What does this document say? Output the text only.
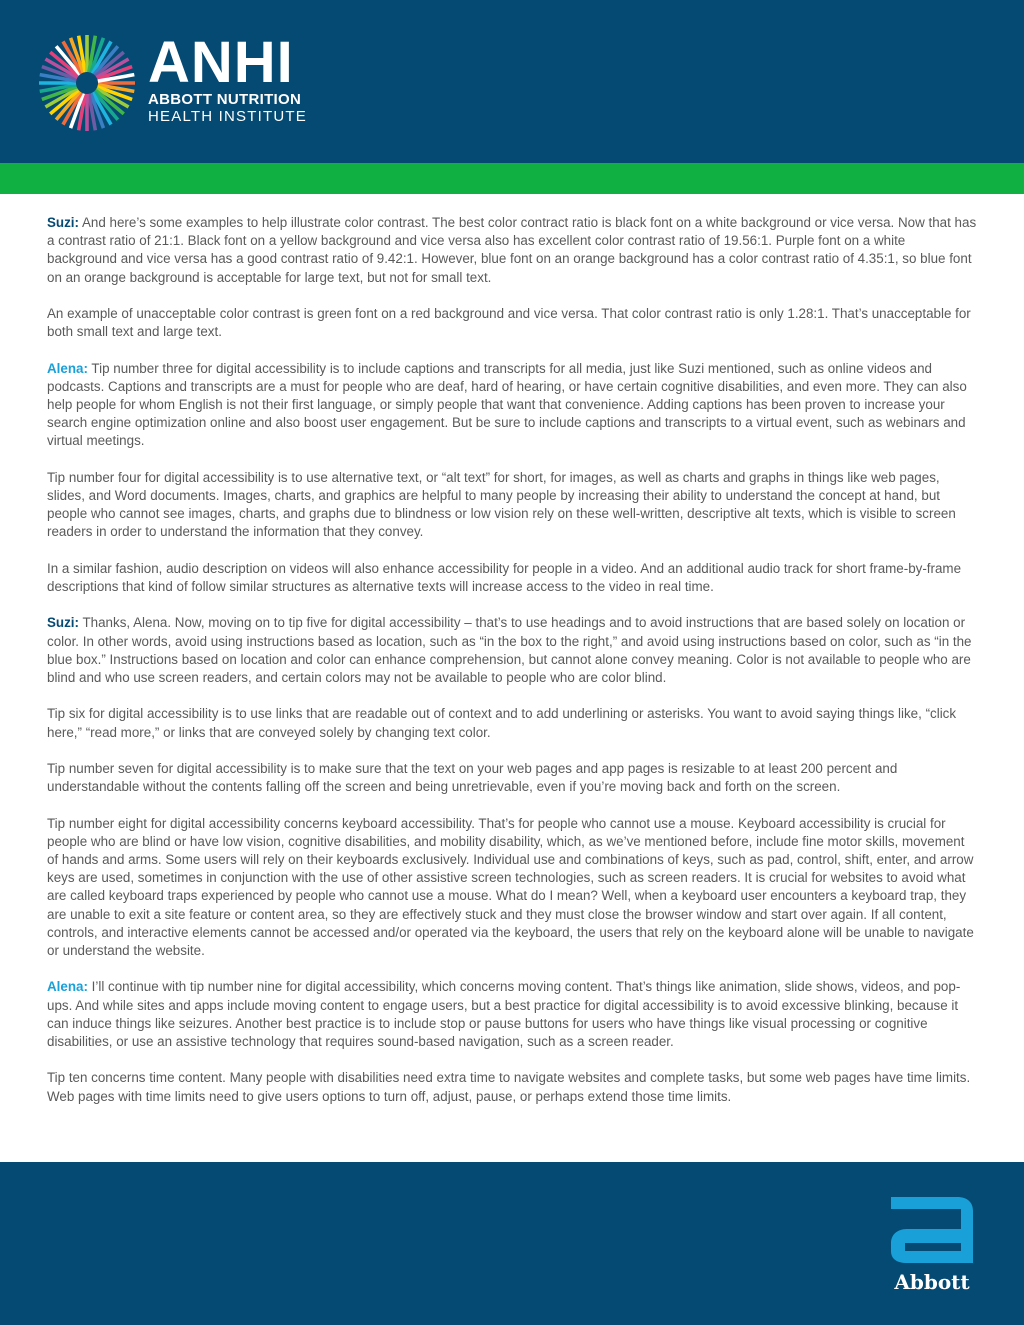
ANHI
ABBOTT NUTRITION
HEALTH INSTITUTE

Suzi: And here’s some examples to help illustrate color contrast. The best color contract ratio is black font on a white background or vice versa. Now that has a contrast ratio of 21:1. Black font on a yellow background and vice versa also has excellent color contrast ratio of 19.56:1. Purple font on a white background and vice versa has a good contrast ratio of 9.42:1. However, blue font on an orange background has a color contrast ratio of 4.35:1, so blue font on an orange background is acceptable for large text, but not for small text.

An example of unacceptable color contrast is green font on a red background and vice versa. That color contrast ratio is only 1.28:1. That’s unacceptable for both small text and large text.

Alena: Tip number three for digital accessibility is to include captions and transcripts for all media, just like Suzi mentioned, such as online videos and podcasts. Captions and transcripts are a must for people who are deaf, hard of hearing, or have certain cognitive disabilities, and even more. They can also help people for whom English is not their first language, or simply people that want that convenience. Adding captions has been proven to increase your search engine optimization online and also boost user engagement. But be sure to include captions and transcripts to a virtual event, such as webinars and virtual meetings.

Tip number four for digital accessibility is to use alternative text, or “alt text” for short, for images, as well as charts and graphs in things like web pages, slides, and Word documents. Images, charts, and graphics are helpful to many people by increasing their ability to understand the concept at hand, but people who cannot see images, charts, and graphs due to blindness or low vision rely on these well-written, descriptive alt texts, which is visible to screen readers in order to understand the information that they convey.

In a similar fashion, audio description on videos will also enhance accessibility for people in a video. And an additional audio track for short frame-by-frame descriptions that kind of follow similar structures as alternative texts will increase access to the video in real time.

Suzi: Thanks, Alena. Now, moving on to tip five for digital accessibility – that’s to use headings and to avoid instructions that are based solely on location or color. In other words, avoid using instructions based as location, such as “in the box to the right,” and avoid using instructions based on color, such as “in the blue box.” Instructions based on location and color can enhance comprehension, but cannot alone convey meaning. Color is not available to people who are blind and who use screen readers, and certain colors may not be available to people who are color blind.

Tip six for digital accessibility is to use links that are readable out of context and to add underlining or asterisks. You want to avoid saying things like, “click here,” “read more,” or links that are conveyed solely by changing text color.

Tip number seven for digital accessibility is to make sure that the text on your web pages and app pages is resizable to at least 200 percent and understandable without the contents falling off the screen and being unretrievable, even if you’re moving back and forth on the screen.

Tip number eight for digital accessibility concerns keyboard accessibility. That’s for people who cannot use a mouse. Keyboard accessibility is crucial for people who are blind or have low vision, cognitive disabilities, and mobility disability, which, as we’ve mentioned before, include fine motor skills, movement of hands and arms. Some users will rely on their keyboards exclusively. Individual use and combinations of keys, such as pad, control, shift, enter, and arrow keys are used, sometimes in conjunction with the use of other assistive screen technologies, such as screen readers. It is crucial for websites to avoid what are called keyboard traps experienced by people who cannot use a mouse. What do I mean? Well, when a keyboard user encounters a keyboard trap, they are unable to exit a site feature or content area, so they are effectively stuck and they must close the browser window and start over again. If all content, controls, and interactive elements cannot be accessed and/or operated via the keyboard, the users that rely on the keyboard alone will be unable to navigate or understand the website.

Alena: I’ll continue with tip number nine for digital accessibility, which concerns moving content. That’s things like animation, slide shows, videos, and pop-ups. And while sites and apps include moving content to engage users, but a best practice for digital accessibility is to avoid excessive blinking, because it can induce things like seizures. Another best practice is to include stop or pause buttons for users who have things like visual processing or cognitive disabilities, or use an assistive technology that requires sound-based navigation, such as a screen reader.

Tip ten concerns time content. Many people with disabilities need extra time to navigate websites and complete tasks, but some web pages have time limits. Web pages with time limits need to give users options to turn off, adjust, pause, or perhaps extend those time limits.

Abbott
